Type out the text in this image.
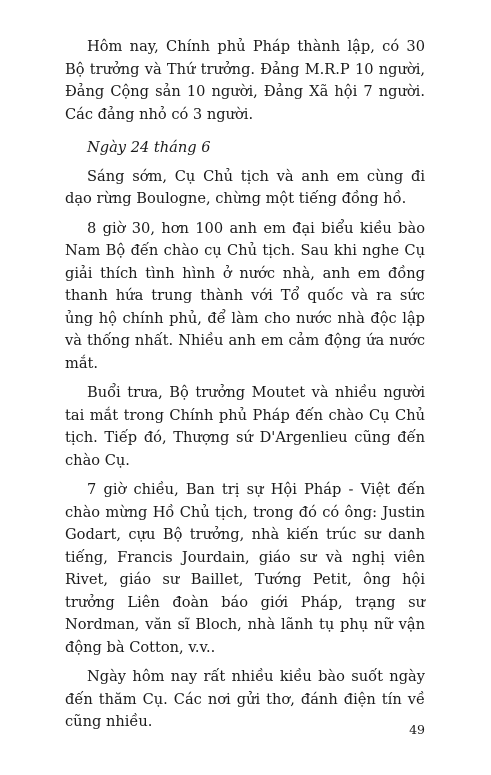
Hôm nay, Chính phủ Pháp thành lập, có 30 Bộ trưởng và Thứ trưởng. Đảng M.R.P 10 người, Đảng Cộng sản 10 người, Đảng Xã hội 7 người. Các đảng nhỏ có 3 người.

Ngày 24 tháng 6

Sáng sớm, Cụ Chủ tịch và anh em cùng đi dạo rừng Boulogne, chừng một tiếng đồng hồ.

8 giờ 30, hơn 100 anh em đại biểu kiều bào Nam Bộ đến chào cụ Chủ tịch. Sau khi nghe Cụ giải thích tình hình ở nước nhà, anh em đồng thanh hứa trung thành với Tổ quốc và ra sức ủng hộ chính phủ, để làm cho nước nhà độc lập và thống nhất. Nhiều anh em cảm động ứa nước mắt.

Buổi trưa, Bộ trưởng Moutet và nhiều người tai mắt trong Chính phủ Pháp đến chào Cụ Chủ tịch. Tiếp đó, Thượng sứ D'Argenlieu cũng đến chào Cụ.

7 giờ chiều, Ban trị sự Hội Pháp - Việt đến chào mừng Hồ Chủ tịch, trong đó có ông: Justin Godart, cựu Bộ trưởng, nhà kiến trúc sư danh tiếng, Francis Jourdain, giáo sư và nghị viên Rivet, giáo sư Baillet, Tướng Petit, ông hội trưởng Liên đoàn báo giới Pháp, trạng sư Nordman, văn sĩ Bloch, nhà lãnh tụ phụ nữ vận động bà Cotton, v.v..

Ngày hôm nay rất nhiều kiều bào suốt ngày đến thăm Cụ. Các nơi gửi thơ, đánh điện tín về cũng nhiều.	49
